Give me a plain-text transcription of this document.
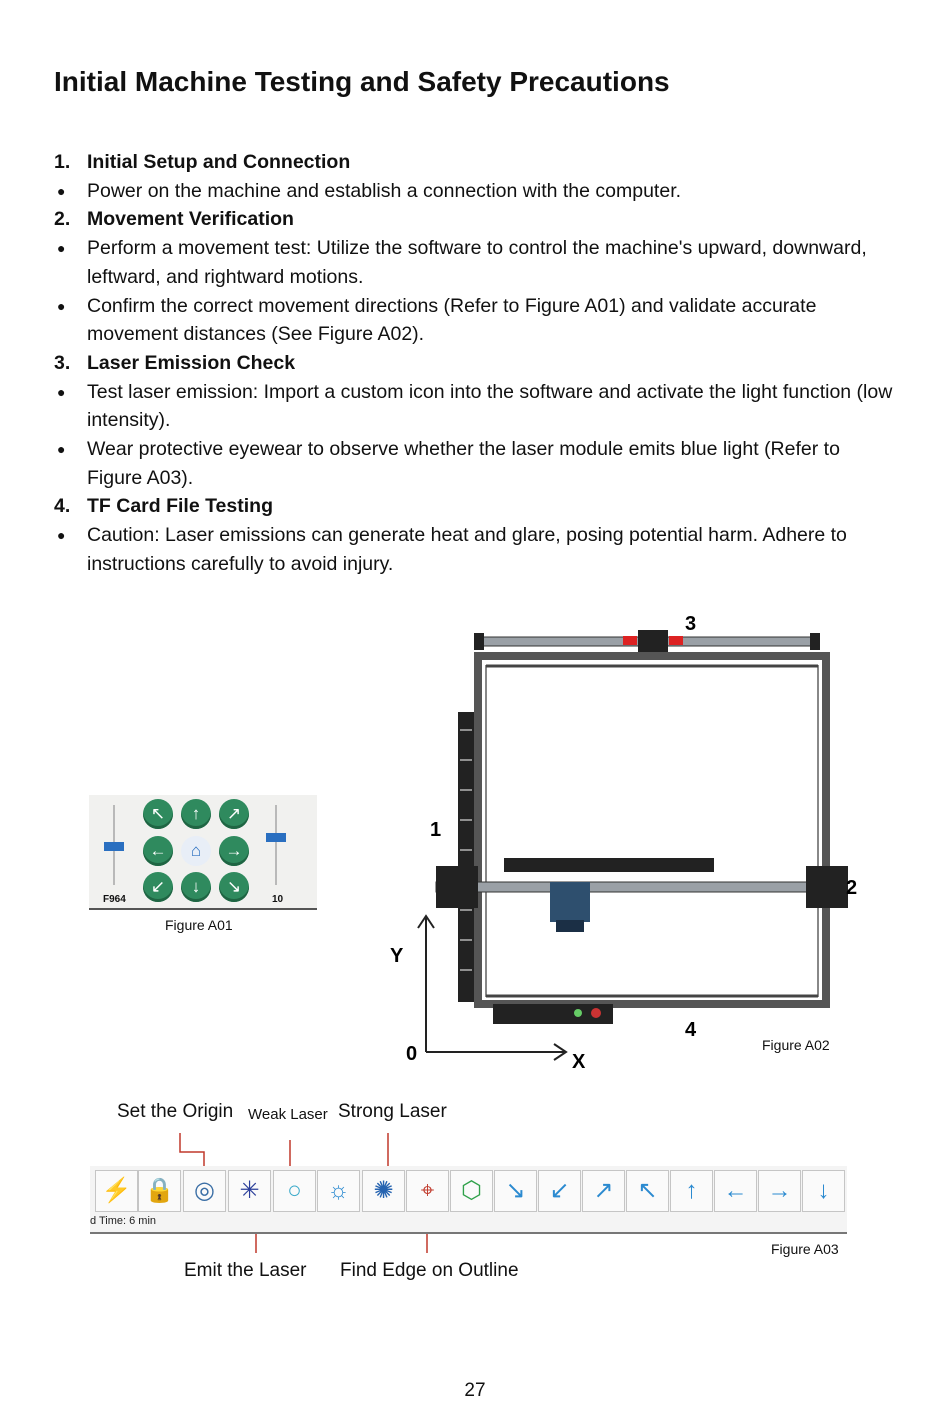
Initial Machine Testing and Safety Precautions
1. Initial Setup and Connection
● Power on the machine and establish a connection with the computer.
2. Movement Verification
● Perform a movement test: Utilize the software to control the machine's upward, downward, leftward, and rightward motions.
● Confirm the correct movement directions (Refer to Figure A01) and validate accurate movement distances (See Figure A02).
3. Laser Emission Check
● Test laser emission: Import a custom icon into the software and activate the light function (low intensity).
● Wear protective eyewear to observe whether the laser module emits blue light (Refer to Figure A03).
4. TF Card File Testing
● Caution: Laser emissions can generate heat and glare, posing potential harm. Adhere to instructions carefully to avoid injury.
F964	10
↖	↑	↗
←	⌂	→
↙	↓	↘
Figure A01
3
1
2
4
Y
X
0	Figure A02
Set the Origin Weak Laser Strong Laser
⚡ 🔒 ◎	✳	○	☼ ✺	⌖	⬡ ↘ ↙ ↗ ↖	↑	← →	↓
d Time: 6 min
Figure A03
Emit the Laser Find Edge on Outline
27
